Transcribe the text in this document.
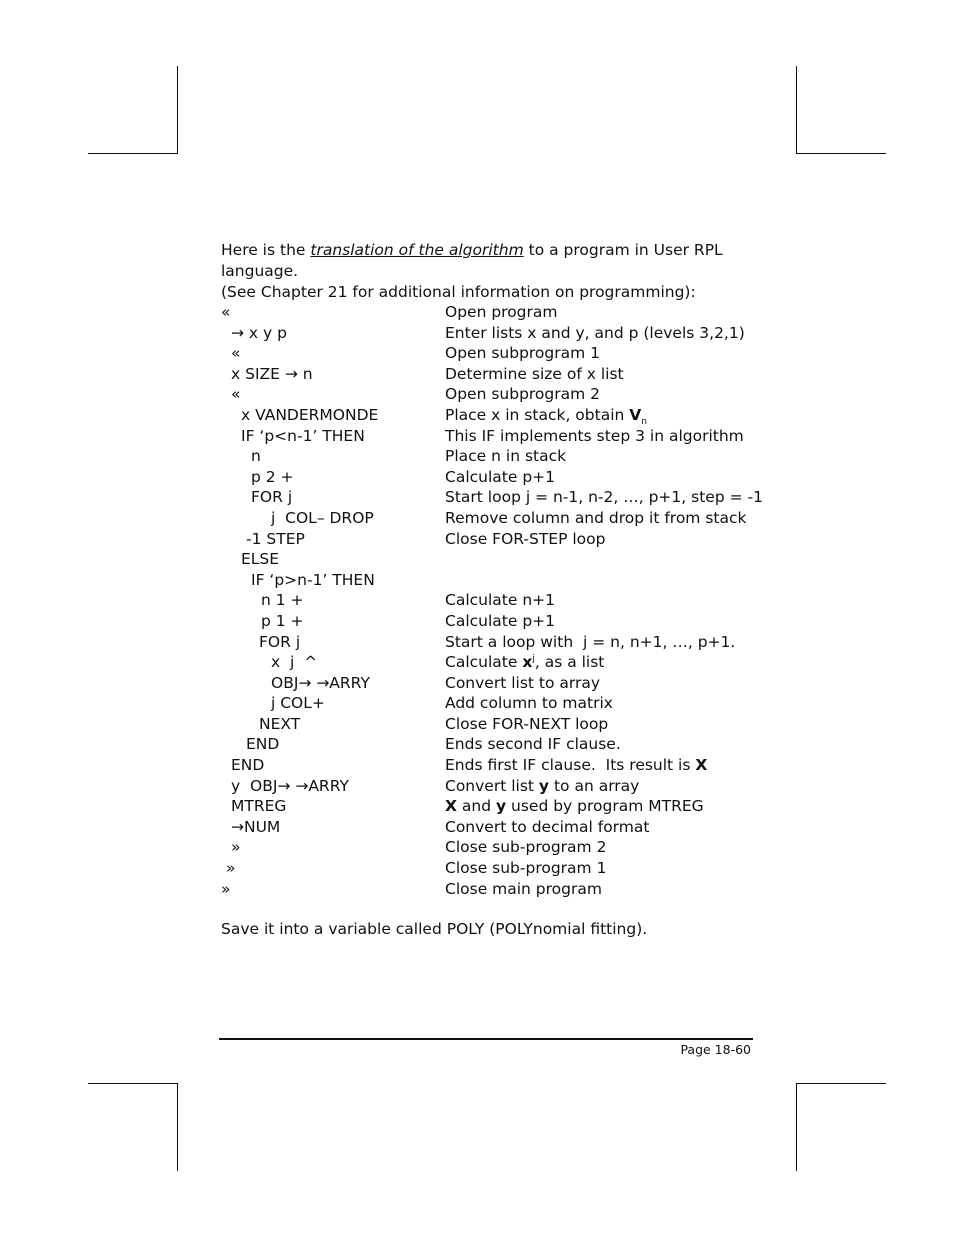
Here is the translation of the algorithm to a program in User RPL language.
(See Chapter 21 for additional information on programming):

«	Open program
→ x y p	Enter lists x and y, and p (levels 3,2,1)
«	Open subprogram 1
x SIZE → n	Determine size of x list
«	Open subprogram 2
x VANDERMONDE	Place x in stack, obtain $V_n$
IF ‘p<n-1’ THEN	This IF implements step 3 in algorithm
n	Place n in stack
p 2 +	Calculate p+1
FOR j	Start loop j = n-1, n-2, …, p+1, step = -1
j  COL– DROP	Remove column and drop it from stack
-1 STEP	Close FOR-STEP loop
ELSE
IF ‘p>n-1’ THEN
n 1 +	Calculate n+1
p 1 +	Calculate p+1
FOR j	Start a loop with  j = n, n+1, …, p+1.
x  j  ^	Calculate $x^j$, as a list
OBJ→ →ARRY	Convert list to array
j COL+	Add column to matrix
NEXT	Close FOR-NEXT loop
END	Ends second IF clause.
END	Ends first IF clause.  Its result is X
y  OBJ→ →ARRY	Convert list y to an array
MTREG	X and y used by program MTREG
→NUM	Convert to decimal format
»	Close sub-program 2
»	Close sub-program 1
»	Close main program

Save it into a variable called POLY (POLYnomial fitting).

Page 18-60
